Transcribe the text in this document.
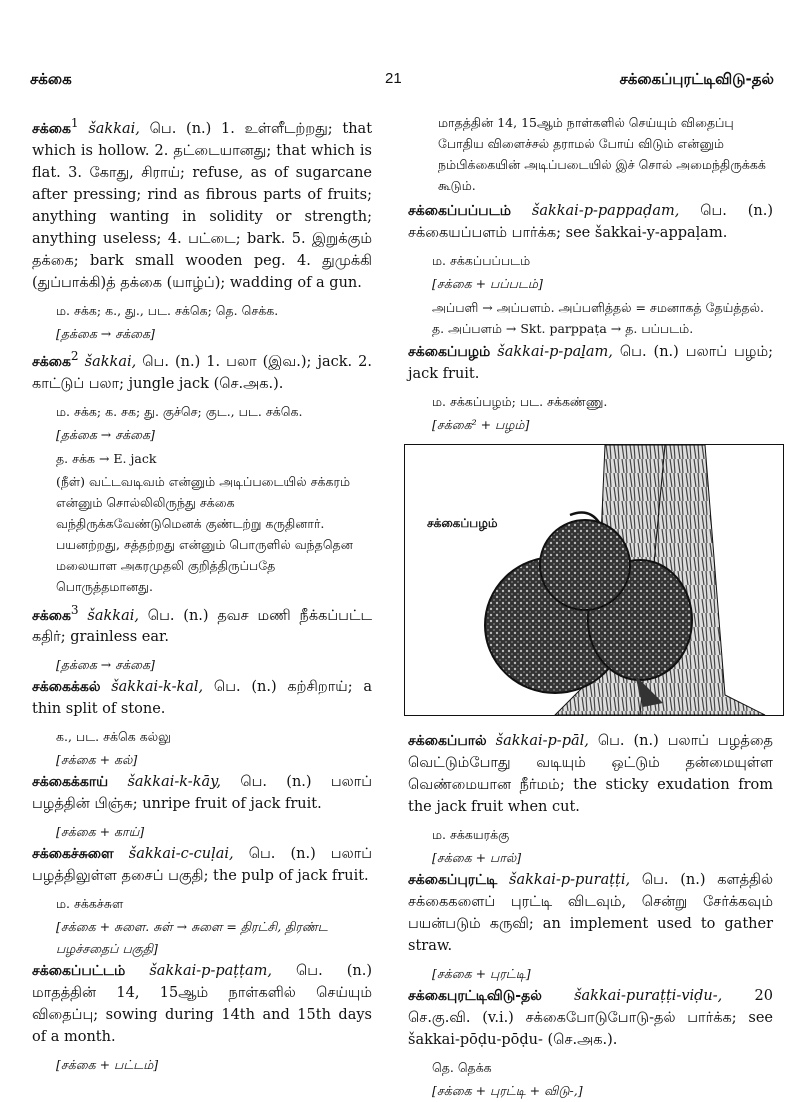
சக்கை	21	சக்கைப்புரட்டிவிடு-தல்
சக்கை$^1$ šakkai, பெ. (n.) 1. உள்ளீடற்றது; that which is hollow. 2. தட்டையானது; that which is flat. 3. கோது, சிராய்; refuse, as of sugarcane after pressing; rind as fibrous parts of fruits; anything wanting in solidity or strength; anything useless; 4. பட்டை; bark. 5. இறுக்கும் தக்கை; bark small wooden peg. 4. துமுக்கி (துப்பாக்கி)த் தக்கை (யாழ்ப்); wadding of a gun.
ம. சக்க; க., து., பட. சக்கெ; தெ. செக்க.
[தக்கை → சக்கை]
சக்கை$^2$ šakkai, பெ. (n.) 1. பலா (இவ.); jack. 2. காட்டுப் பலா; jungle jack (செ.அக.).
ம. சக்க; க. சக; து. குச்செ; குட., பட. சக்கெ.
[தக்கை → சக்கை]
த. சக்க → E. jack
(நீள்) வட்டவடிவம் என்னும் அடிப்படையில் சக்கரம் என்னும் சொல்லிலிருந்து சக்கை வந்திருக்கவேண்டுமெனக் குண்டற்று கருதினார். பயனற்றது, சத்தற்றது என்னும் பொருளில் வந்ததென மலையாள அகரமுதலி குறித்திருப்பதே பொருத்தமானது.
சக்கை$^3$ šakkai, பெ. (n.) தவச மணி நீக்கப்பட்ட கதிர்; grainless ear.
[தக்கை → சக்கை]
சக்கைக்கல் šakkai-k-kal, பெ. (n.) கற்சிறாய்; a thin split of stone.
க., பட. சக்கெ கல்லு
[சக்கை + கல்]
சக்கைக்காய் šakkai-k-kāy, பெ. (n.) பலாப் பழத்தின் பிஞ்சு; unripe fruit of jack fruit.
[சக்கை + காய்]
சக்கைச்சுளை šakkai-c-cuḷai, பெ. (n.) பலாப் பழத்திலுள்ள தசைப் பகுதி; the pulp of jack fruit.
ம. சக்கச்சுள
[சக்கை + சுளை. சுள் → சுளை = திரட்சி, திரண்ட பழச்சதைப் பகுதி]
சக்கைப்பட்டம் šakkai-p-paṭṭam, பெ. (n.) மாதத்தின் 14, 15ஆம் நாள்களில் செய்யும் விதைப்பு; sowing during 14th and 15th days of a month.
[சக்கை + பட்டம்]
மாதத்தின் 14, 15ஆம் நாள்களில் செய்யும் விதைப்பு போதிய விளைச்சல் தராமல் போய் விடும் என்னும் நம்பிக்கையின் அடிப்படையில் இச் சொல் அமைந்திருக்கக் கூடும்.
சக்கைப்பப்படம் šakkai-p-pappaḍam, பெ. (n.) சக்கையப்பளம் பார்க்க; see šakkai-y-appaḷam.
ம. சக்கப்பப்படம்
[சக்கை + பப்படம்]
அப்பளி → அப்பளம். அப்பளித்தல் = சமனாகத் தேய்த்தல். த. அப்பளம் → Skt. parppaṭa → த. பப்படம்.
சக்கைப்பழம் šakkai-p-paḻam, பெ. (n.) பலாப் பழம்; jack fruit.
ம. சக்கப்பழம்; பட. சக்கண்ணு.
[சக்கை² + பழம்]
சக்கைப்பழம்
சக்கைப்பால் šakkai-p-pāl, பெ. (n.) பலாப் பழத்தை வெட்டும்போது வடியும் ஒட்டும் தன்மையுள்ள வெண்மையான நீர்மம்; the sticky exudation from the jack fruit when cut.
ம. சக்கயரக்கு
[சக்கை + பால்]
சக்கைப்புரட்டி šakkai-p-puraṭṭi, பெ. (n.) களத்தில் சக்கைகளைப் புரட்டி விடவும், சென்று சேர்க்கவும் பயன்படும் கருவி; an implement used to gather straw.
[சக்கை + புரட்டி]
சக்கைபுரட்டிவிடு-தல் šakkai-puraṭṭi-viḍu-, 20 செ.கு.வி. (v.i.) சக்கைபோடுபோடு-தல் பார்க்க; see šakkai-pōḍu-pōḍu- (செ.அக.).
தெ. தெக்க
[சக்கை + புரட்டி + விடு-,]
